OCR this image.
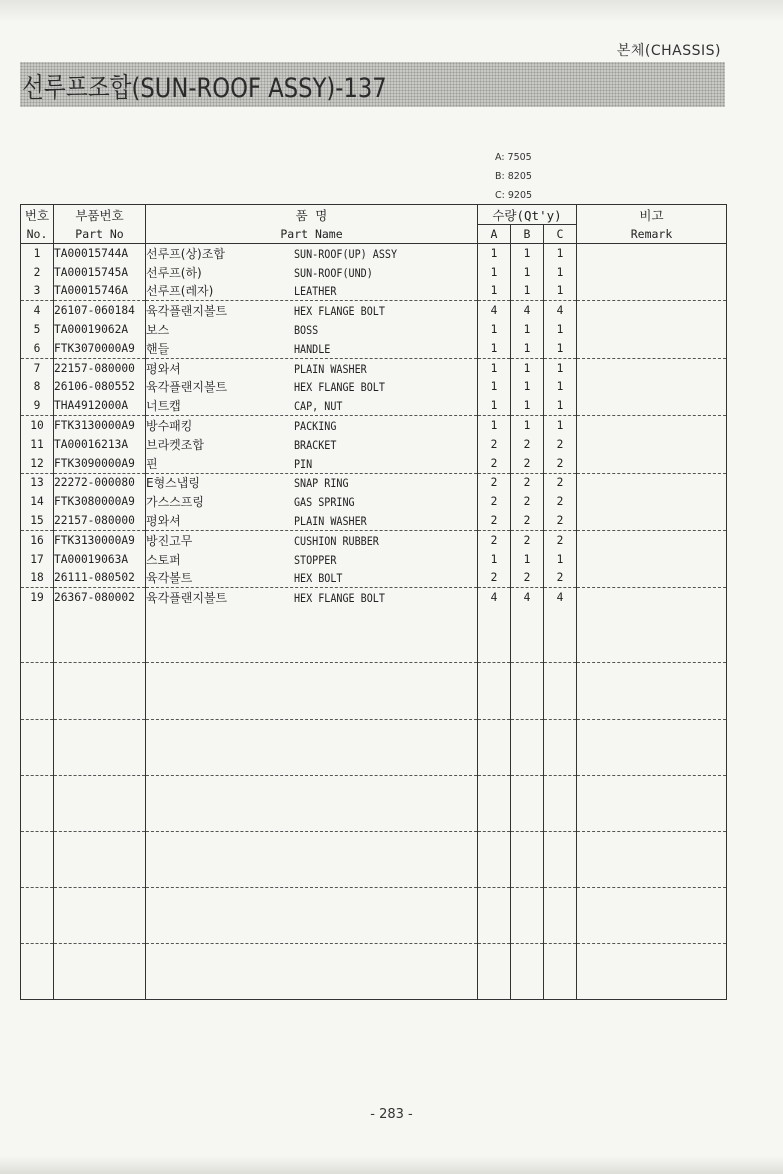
본체(CHASSIS)
선루프조합(SUN-ROOF ASSY)-137
A: 7505
B: 8205
C: 9205
번호	부품번호	품 명	수량(Qt'y)			비고
No.	Part No	Part Name	A	B	C	Remark
1	TA00015744A	선루프(상)조합 SUN-ROOF(UP) ASSY	1	1	1	
2	TA00015745A	선루프(하) SUN-ROOF(UND)	1	1	1	
3	TA00015746A	선루프(레자) LEATHER	1	1	1	
4	26107-060184	육각플랜지볼트 HEX FLANGE BOLT	4	4	4	
5	TA00019062A	보스 BOSS	1	1	1	
6	FTK3070000A9	핸들 HANDLE	1	1	1	
7	22157-080000	평와셔 PLAIN WASHER	1	1	1	
8	26106-080552	육각플랜지볼트 HEX FLANGE BOLT	1	1	1	
9	THA4912000A	너트캡 CAP, NUT	1	1	1	
10	FTK3130000A9	방수패킹 PACKING	1	1	1	
11	TA00016213A	브라켓조합 BRACKET	2	2	2	
12	FTK3090000A9	핀 PIN	2	2	2	
13	22272-000080	E형스냅링 SNAP RING	2	2	2	
14	FTK3080000A9	가스스프링 GAS SPRING	2	2	2	
15	22157-080000	평와셔 PLAIN WASHER	2	2	2	
16	FTK3130000A9	방진고무 CUSHION RUBBER	2	2	2	
17	TA00019063A	스토퍼 STOPPER	1	1	1	
18	26111-080502	육각볼트 HEX BOLT	2	2	2	
19	26367-080002	육각플랜지볼트 HEX FLANGE BOLT	4	4	4	

- 283 -
